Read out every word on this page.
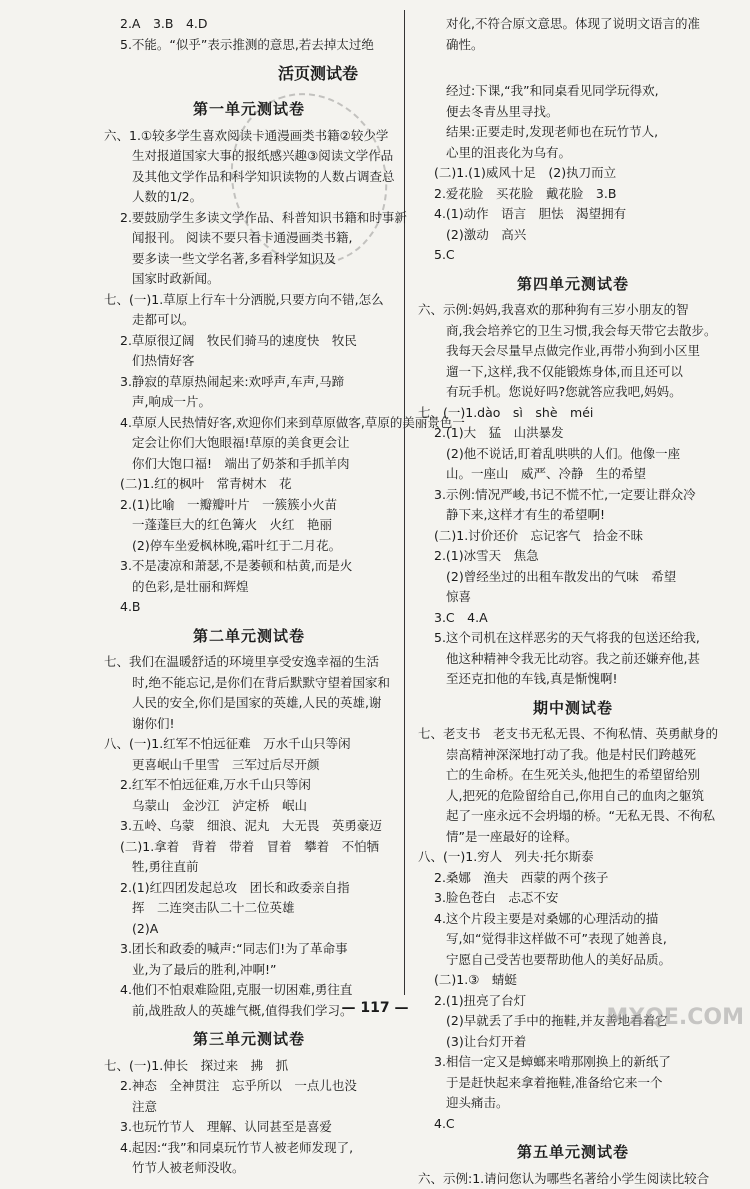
2.A　3.B　4.D
5.不能。“似乎”表示推测的意思,若去掉太过绝
第一单元测试卷
六、1.①较多学生喜欢阅读卡通漫画类书籍②较少学
生对报道国家大事的报纸感兴趣③阅读文学作品
及其他文学作品和科学知识读物的人数占调查总
人数的1/2。
2.要鼓励学生多读文学作品、科普知识书籍和时事新
闻报刊。 阅读不要只看卡通漫画类书籍,
要多读一些文学名著,多看科学知识及
国家时政新闻。
七、(一)1.草原上行车十分洒脱,只要方向不错,怎么
走都可以。
2.草原很辽阔　牧民们骑马的速度快　牧民
们热情好客
3.静寂的草原热闹起来:欢呼声,车声,马蹄
声,响成一片。
4.草原人民热情好客,欢迎你们来到草原做客,草原的美丽景色一
定会让你们大饱眼福!草原的美食更会让
你们大饱口福!　端出了奶茶和手抓羊肉
(二)1.红的枫叶　常青树木　花
2.(1)比喻　一瓣瓣叶片　一簇簇小火苗
一蓬蓬巨大的红色篝火　火红　艳丽
(2)停车坐爱枫林晚,霜叶红于二月花。
3.不是凄凉和萧瑟,不是萎顿和枯黄,而是火
的色彩,是壮丽和辉煌
4.B
第二单元测试卷
七、我们在温暖舒适的环境里享受安逸幸福的生活
时,绝不能忘记,是你们在背后默默守望着国家和
人民的安全,你们是国家的英雄,人民的英雄,谢
谢你们!
八、(一)1.红军不怕远征难　万水千山只等闲
更喜岷山千里雪　三军过后尽开颜
2.红军不怕远征难,万水千山只等闲
乌蒙山　金沙江　泸定桥　岷山
3.五岭、乌蒙　细浪、泥丸　大无畏　英勇豪迈
(二)1.拿着　背着　带着　冒着　攀着　不怕牺
牲,勇往直前
2.(1)红四团发起总攻　团长和政委亲自指
挥　二连突击队二十二位英雄
(2)A
3.团长和政委的喊声:“同志们!为了革命事
业,为了最后的胜利,冲啊!”
4.他们不怕艰难险阻,克服一切困难,勇往直
前,战胜敌人的英雄气概,值得我们学习。
第三单元测试卷
七、(一)1.伸长　探过来　拂　抓
2.神态　全神贯注　忘乎所以　一点儿也没
注意
3.也玩竹节人　理解、认同甚至是喜爱
4.起因:“我”和同桌玩竹节人被老师发现了,
竹节人被老师没收。
对化,不符合原文意思。体现了说明文语言的准
确性。
活页测试卷
经过:下课,“我”和同桌看见同学玩得欢,
便去冬青丛里寻找。
结果:正要走时,发现老师也在玩竹节人,
心里的沮丧化为乌有。
(二)1.(1)威风十足　(2)执刀而立
2.爱花脸　买花脸　戴花脸　3.B
4.(1)动作　语言　胆怯　渴望拥有
(2)激动　高兴
5.C
第四单元测试卷
六、示例:妈妈,我喜欢的那种狗有三岁小朋友的智
商,我会培养它的卫生习惯,我会每天带它去散步。
我每天会尽量早点做完作业,再带小狗到小区里
遛一下,这样,我不仅能锻炼身体,而且还可以
有玩手机。您说好吗?您就答应我吧,妈妈。
七、(一)1.dào　sì　shè　méi
2.(1)大　猛　山洪暴发
(2)他不说话,盯着乱哄哄的人们。他像一座
山。一座山　威严、冷静　生的希望
3.示例:情况严峻,书记不慌不忙,一定要让群众冷
静下来,这样才有生的希望啊!
(二)1.讨价还价　忘记客气　拾金不昧
2.(1)冰雪天　焦急
(2)曾经坐过的出租车散发出的气味　希望
惊喜
3.C　4.A
5.这个司机在这样恶劣的天气将我的包送还给我,
他这种精神令我无比动容。我之前还嫌弃他,甚
至还克扣他的车钱,真是惭愧啊!
期中测试卷
七、老支书　老支书无私无畏、不徇私情、英勇献身的
崇高精神深深地打动了我。他是村民们跨越死
亡的生命桥。在生死关头,他把生的希望留给别
人,把死的危险留给自己,你用自己的血肉之躯筑
起了一座永远不会坍塌的桥。“无私无畏、不徇私
情”是一座最好的诠释。
八、(一)1.穷人　列夫·托尔斯泰
2.桑娜　渔夫　西蒙的两个孩子
3.脸色苍白　忐忑不安
4.这个片段主要是对桑娜的心理活动的描
写,如“觉得非这样做不可”表现了她善良,
宁愿自己受苦也要帮助他人的美好品质。
(二)1.③　蜻蜓
2.(1)扭亮了台灯
(2)早就丢了手中的拖鞋,并友善地看着它
(3)让台灯开着
3.相信一定又是蟑螂来啃那刚换上的新纸了
于是赶快起来拿着拖鞋,准备给它来一个
迎头痛击。
4.C
第五单元测试卷
六、示例:1.请问您认为哪些名著给小学生阅读比较合
— 117 —	MXQE.COM
